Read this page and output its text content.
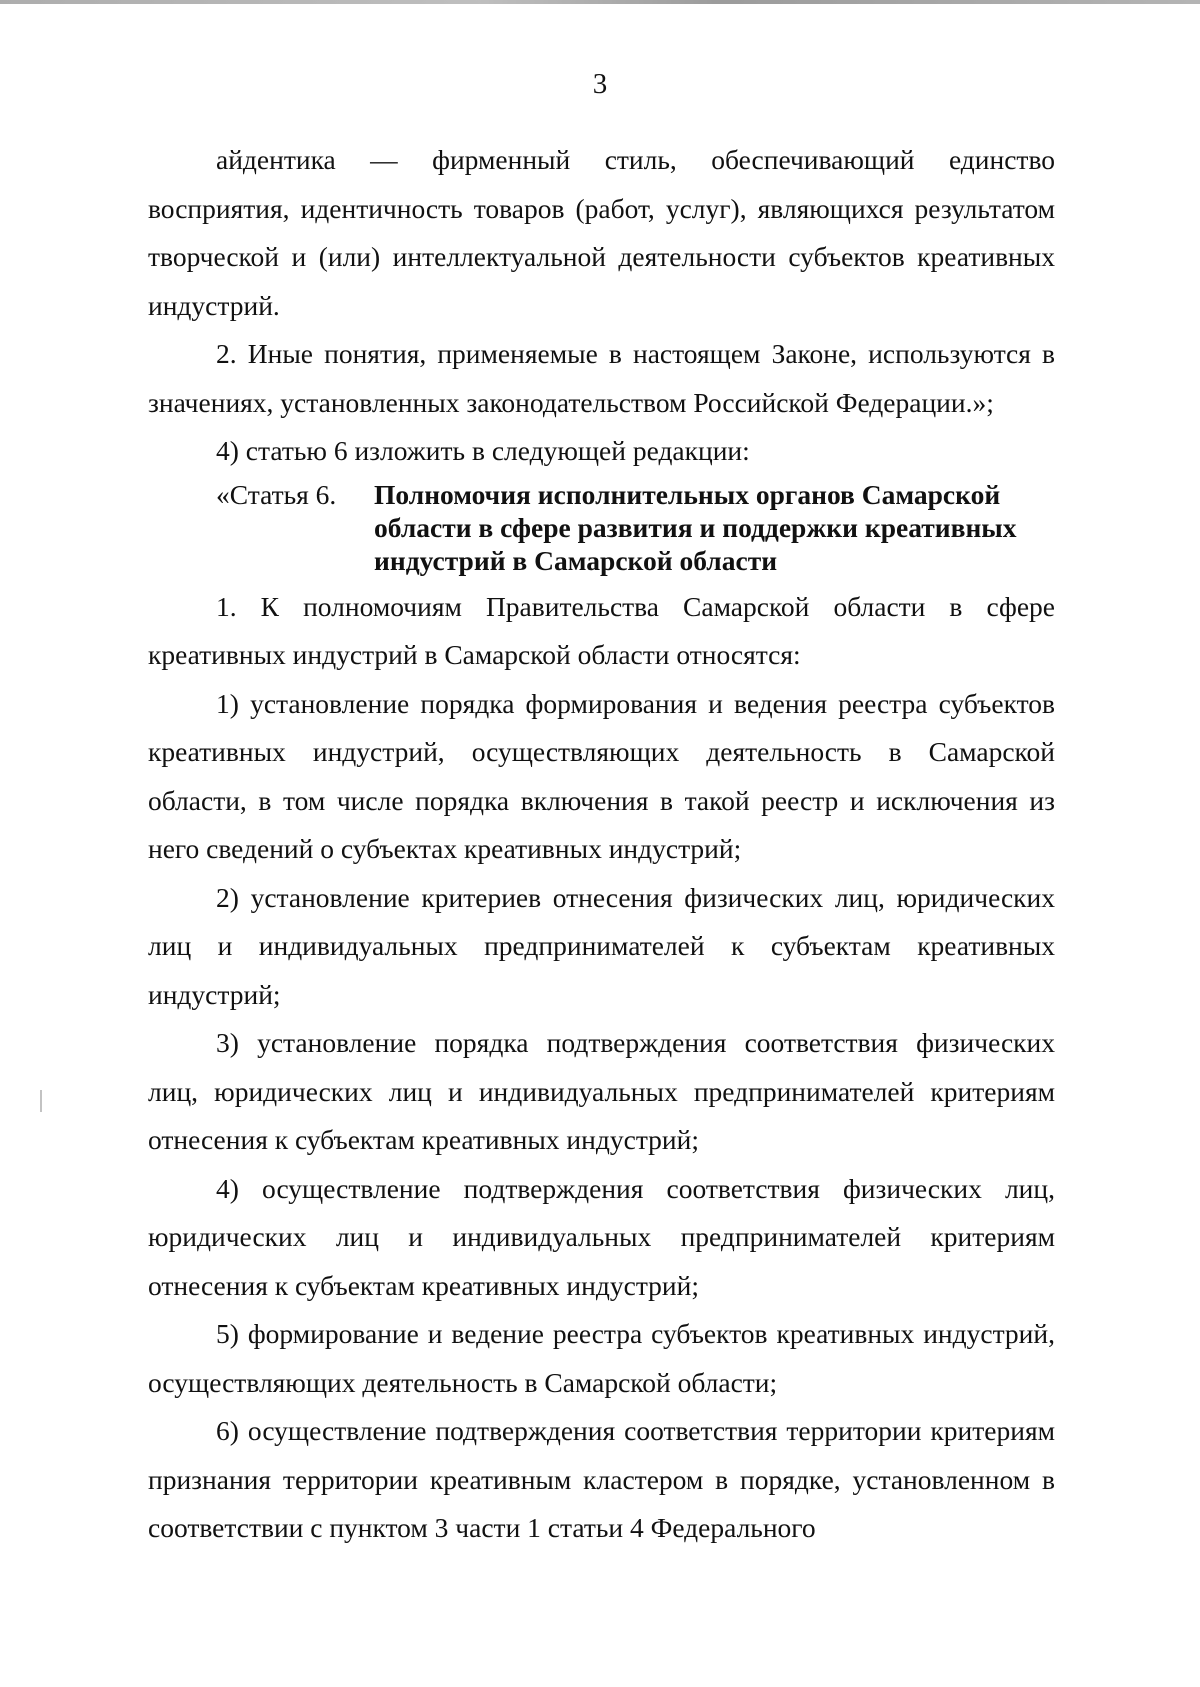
3

айдентика — фирменный стиль, обеспечивающий единство восприятия, идентичность товаров (работ, услуг), являющихся результатом творческой и (или) интеллектуальной деятельности субъектов креативных индустрий.

2. Иные понятия, применяемые в настоящем Законе, используются в значениях, установленных законодательством Российской Федерации.»;

4) статью 6 изложить в следующей редакции:

«Статья 6.	Полномочия исполнительных органов Самарской области в сфере развития и поддержки креативных индустрий в Самарской области

1. К полномочиям Правительства Самарской области в сфере креативных индустрий в Самарской области относятся:

1) установление порядка формирования и ведения реестра субъектов креативных индустрий, осуществляющих деятельность в Самарской области, в том числе порядка включения в такой реестр и исключения из него сведений о субъектах креативных индустрий;

2) установление критериев отнесения физических лиц, юридических лиц и индивидуальных предпринимателей к субъектам креативных индустрий;

3) установление порядка подтверждения соответствия физических лиц, юридических лиц и индивидуальных предпринимателей критериям отнесения к субъектам креативных индустрий;

4) осуществление подтверждения соответствия физических лиц, юридических лиц и индивидуальных предпринимателей критериям отнесения к субъектам креативных индустрий;

5) формирование и ведение реестра субъектов креативных индустрий, осуществляющих деятельность в Самарской области;

6) осуществление подтверждения соответствия территории критериям признания территории креативным кластером в порядке, установленном в соответствии с пунктом 3 части 1 статьи 4 Федерального
